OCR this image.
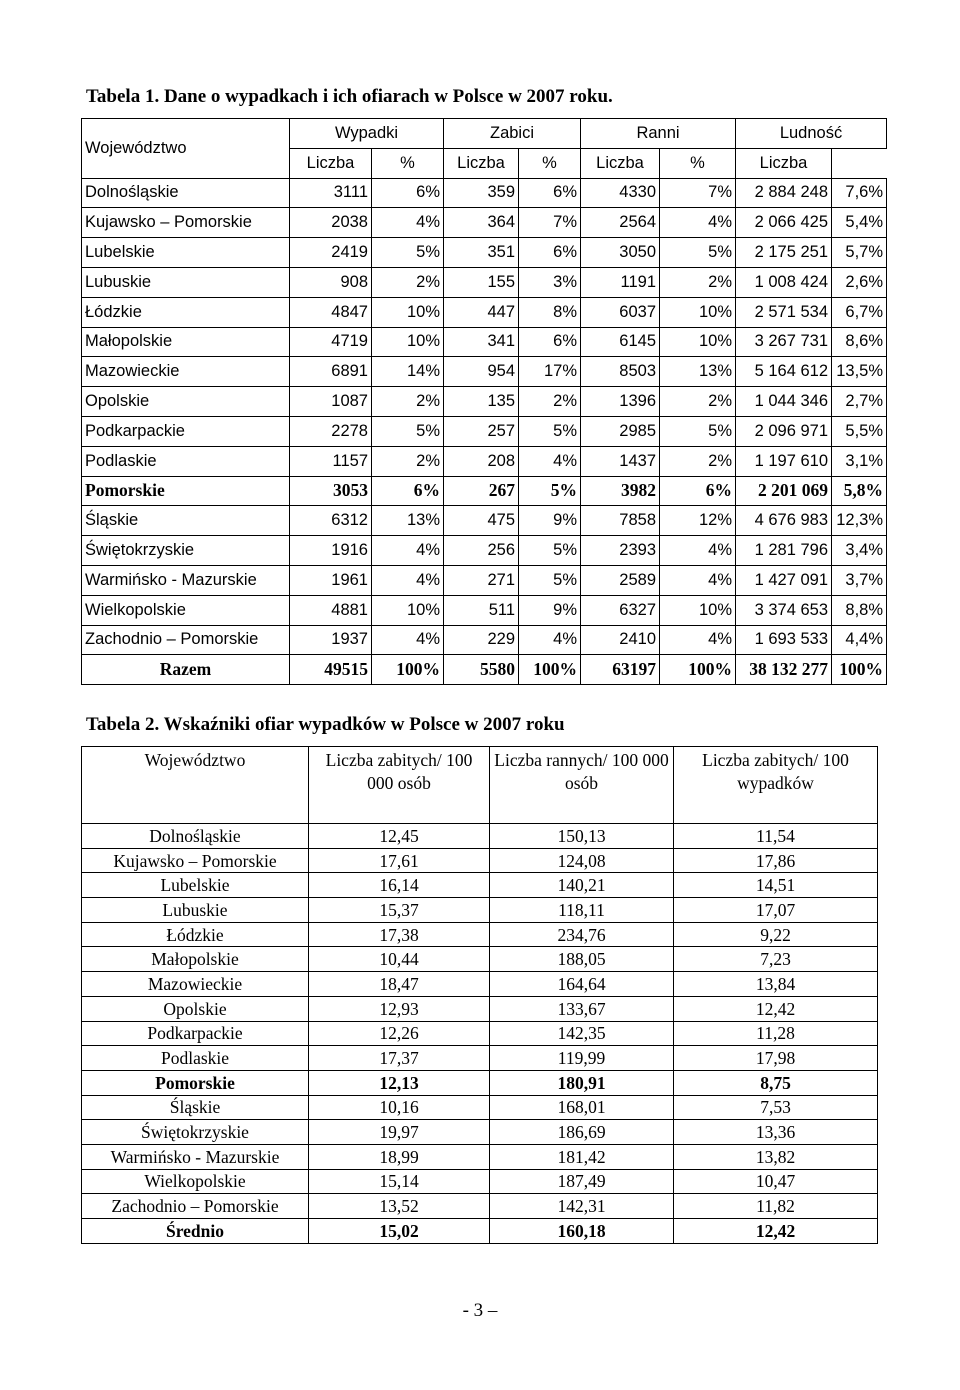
Tabela 1. Dane o wypadkach i ich ofiarach w Polsce w 2007 roku.
Województwo	Wypadki		Zabici		Ranni		Ludność	
	Liczba	%	Liczba	%	Liczba	%	Liczba	
Dolnośląskie	3111	6%	359	6%	4330	7%	2 884 248	7,6%
Kujawsko – Pomorskie	2038	4%	364	7%	2564	4%	2 066 425	5,4%
Lubelskie	2419	5%	351	6%	3050	5%	2 175 251	5,7%
Lubuskie	908	2%	155	3%	1191	2%	1 008 424	2,6%
Łódzkie	4847	10%	447	8%	6037	10%	2 571 534	6,7%
Małopolskie	4719	10%	341	6%	6145	10%	3 267 731	8,6%
Mazowieckie	6891	14%	954	17%	8503	13%	5 164 612	13,5%
Opolskie	1087	2%	135	2%	1396	2%	1 044 346	2,7%
Podkarpackie	2278	5%	257	5%	2985	5%	2 096 971	5,5%
Podlaskie	1157	2%	208	4%	1437	2%	1 197 610	3,1%
Pomorskie	3053	6%	267	5%	3982	6%	2 201 069	5,8%
Śląskie	6312	13%	475	9%	7858	12%	4 676 983	12,3%
Świętokrzyskie	1916	4%	256	5%	2393	4%	1 281 796	3,4%
Warmińsko - Mazurskie	1961	4%	271	5%	2589	4%	1 427 091	3,7%
Wielkopolskie	4881	10%	511	9%	6327	10%	3 374 653	8,8%
Zachodnio – Pomorskie	1937	4%	229	4%	2410	4%	1 693 533	4,4%
Razem	49515	100%	5580	100%	63197	100%	38 132 277	100%
Tabela 2. Wskaźniki ofiar wypadków w Polsce w 2007 roku
Województwo	Liczba zabitych/ 100 000 osób	Liczba rannych/ 100 000 osób	Liczba zabitych/ 100 wypadków
Dolnośląskie	12,45	150,13	11,54
Kujawsko – Pomorskie	17,61	124,08	17,86
Lubelskie	16,14	140,21	14,51
Lubuskie	15,37	118,11	17,07
Łódzkie	17,38	234,76	9,22
Małopolskie	10,44	188,05	7,23
Mazowieckie	18,47	164,64	13,84
Opolskie	12,93	133,67	12,42
Podkarpackie	12,26	142,35	11,28
Podlaskie	17,37	119,99	17,98
Pomorskie	12,13	180,91	8,75
Śląskie	10,16	168,01	7,53
Świętokrzyskie	19,97	186,69	13,36
Warmińsko - Mazurskie	18,99	181,42	13,82
Wielkopolskie	15,14	187,49	10,47
Zachodnio – Pomorskie	13,52	142,31	11,82
Średnio	15,02	160,18	12,42
- 3 –
